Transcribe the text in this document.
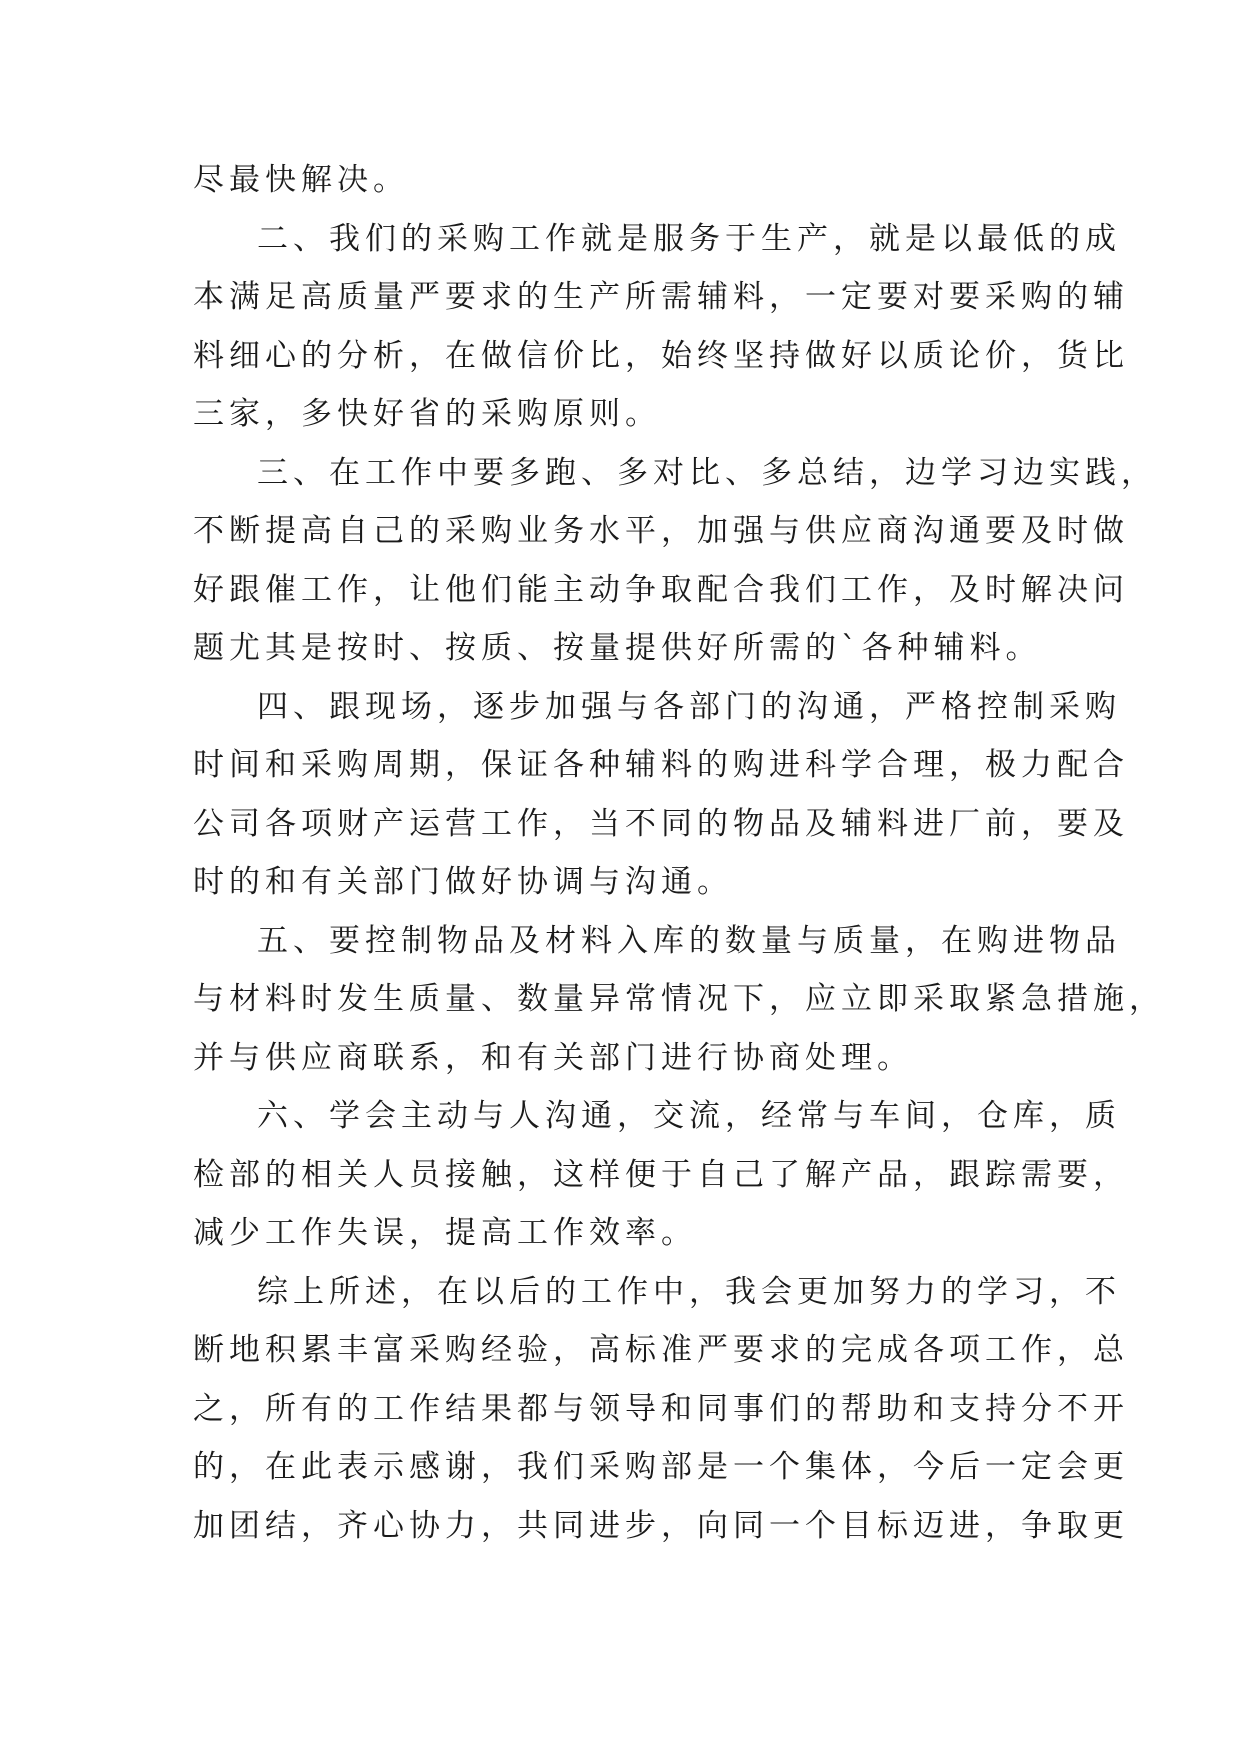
尽最快解决。
二、我们的采购工作就是服务于生产，就是以最低的成
本满足高质量严要求的生产所需辅料，一定要对要采购的辅
料细心的分析，在做信价比，始终坚持做好以质论价，货比
三家，多快好省的采购原则。
三、在工作中要多跑、多对比、多总结，边学习边实践，
不断提高自己的采购业务水平，加强与供应商沟通要及时做
好跟催工作，让他们能主动争取配合我们工作，及时解决问
题尤其是按时、按质、按量提供好所需的`各种辅料。
四、跟现场，逐步加强与各部门的沟通，严格控制采购
时间和采购周期，保证各种辅料的购进科学合理，极力配合
公司各项财产运营工作，当不同的物品及辅料进厂前，要及
时的和有关部门做好协调与沟通。
五、要控制物品及材料入库的数量与质量，在购进物品
与材料时发生质量、数量异常情况下，应立即采取紧急措施，
并与供应商联系，和有关部门进行协商处理。
六、学会主动与人沟通，交流，经常与车间，仓库，质
检部的相关人员接触，这样便于自己了解产品，跟踪需要，
减少工作失误，提高工作效率。
综上所述，在以后的工作中，我会更加努力的学习，不
断地积累丰富采购经验，高标准严要求的完成各项工作，总
之，所有的工作结果都与领导和同事们的帮助和支持分不开
的，在此表示感谢，我们采购部是一个集体，今后一定会更
加团结，齐心协力，共同进步，向同一个目标迈进，争取更
